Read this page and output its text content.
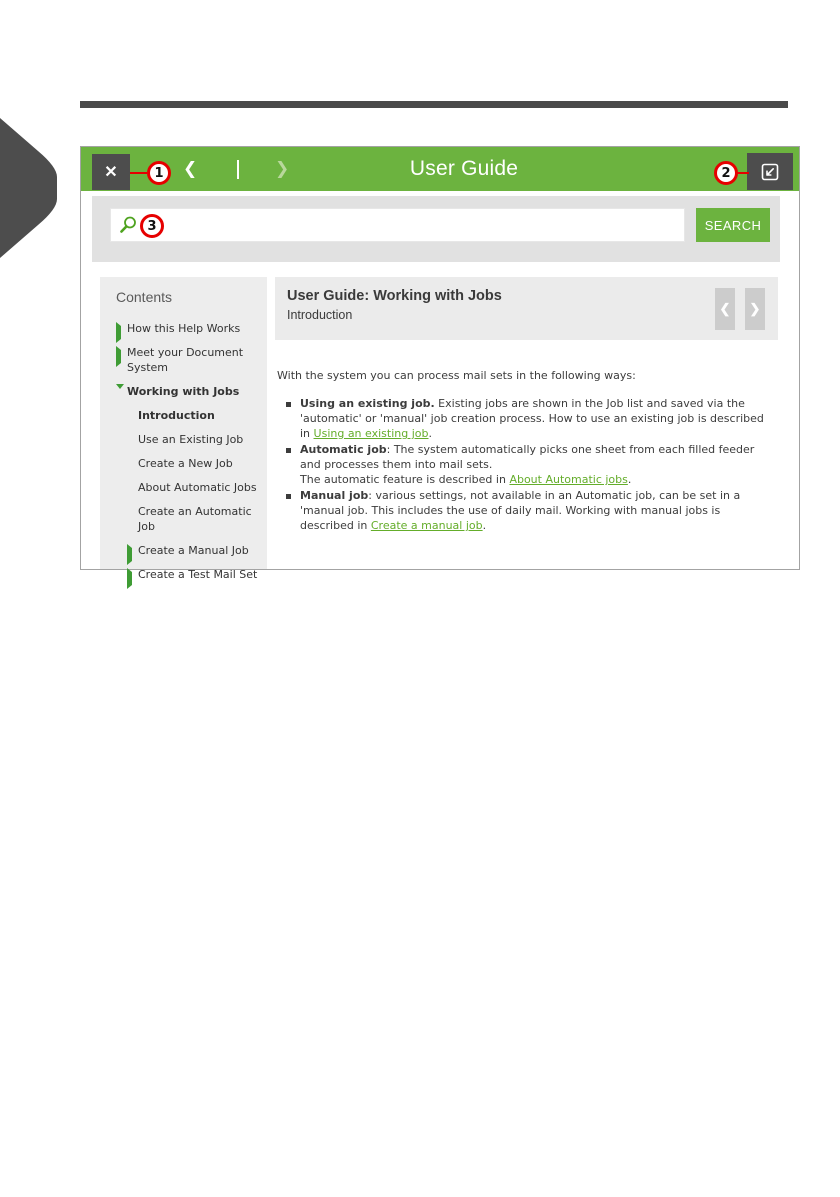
✕	❮	❯	User Guide
SEARCH
Contents
How this Help Works
Meet your Document System
Working with Jobs
Introduction
Use an Existing Job
Create a New Job
About Automatic Jobs
Create an Automatic Job
Create a Manual Job
Create a Test Mail Set
User Guide: Working with Jobs
Introduction	❮ ❯

With the system you can process mail sets in the following ways:

Using an existing job. Existing jobs are shown in the Job list and saved via the 'automatic' or 'manual' job creation process. How to use an existing job is described in Using an existing job.
Automatic job: The system automatically picks one sheet from each filled feeder and processes them into mail sets.
The automatic feature is described in About Automatic jobs.
Manual job: various settings, not available in an Automatic job, can be set in a 'manual job. This includes the use of daily mail. Working with manual jobs is described in Create a manual job.
1	2
3
